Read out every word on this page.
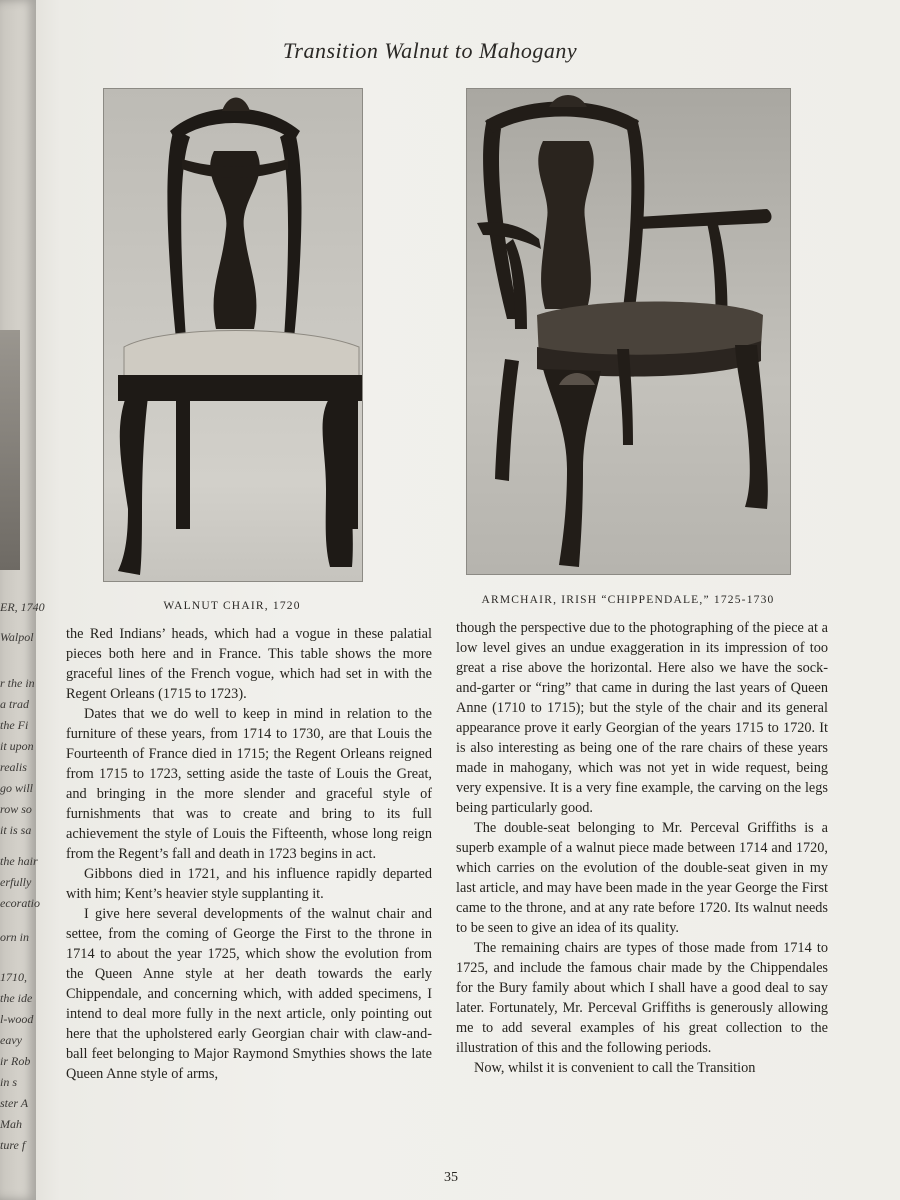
ER, 1740
Walpol
r the in
a trad
the Fi
it upon
realis
go will
row so
it is sa
the hair
erfully
ecoratio
orn in
1710,
the ide
l-wood
eavy
ir Rob
in s
ster A
Mah
ture f
Transition Walnut to Mahogany
WALNUT CHAIR, 1720	ARMCHAIR, IRISH “CHIPPENDALE,” 1725-1730

the Red Indians’ heads, which had a vogue in these palatial pieces both here and in France. This table shows the more graceful lines of the French vogue, which had set in with the Regent Orleans (1715 to 1723).

Dates that we do well to keep in mind in relation to the furniture of these years, from 1714 to 1730, are that Louis the Fourteenth of France died in 1715; the Regent Orleans reigned from 1715 to 1723, setting aside the taste of Louis the Great, and bringing in the more slender and graceful style of furnishments that was to create and bring to its full achievement the style of Louis the Fifteenth, whose long reign from the Regent’s fall and death in 1723 begins in act.

Gibbons died in 1721, and his influence rapidly departed with him; Kent’s heavier style supplanting it.

I give here several developments of the walnut chair and settee, from the coming of George the First to the throne in 1714 to about the year 1725, which show the evolution from the Queen Anne style at her death towards the early Chippendale, and concerning which, with added specimens, I intend to deal more fully in the next article, only pointing out here that the upholstered early Georgian chair with claw-and-ball feet belonging to Major Raymond Smythies shows the late Queen Anne style of arms,

though the perspective due to the photographing of the piece at a low level gives an undue exaggeration in its impression of too great a rise above the horizontal. Here also we have the sock-and-garter or “ring” that came in during the last years of Queen Anne (1710 to 1715); but the style of the chair and its general appearance prove it early Georgian of the years 1715 to 1720. It is also interesting as being one of the rare chairs of these years made in mahogany, which was not yet in wide request, being very expensive. It is a very fine example, the carving on the legs being particularly good.

The double-seat belonging to Mr. Perceval Griffiths is a superb example of a walnut piece made between 1714 and 1720, which carries on the evolution of the double-seat given in my last article, and may have been made in the year George the First came to the throne, and at any rate before 1720. Its walnut needs to be seen to give an idea of its quality.

The remaining chairs are types of those made from 1714 to 1725, and include the famous chair made by the Chippendales for the Bury family about which I shall have a good deal to say later. Fortunately, Mr. Perceval Griffiths is generously allowing me to add several examples of his great collection to the illustration of this and the following periods.

Now, whilst it is convenient to call the Transition

35
